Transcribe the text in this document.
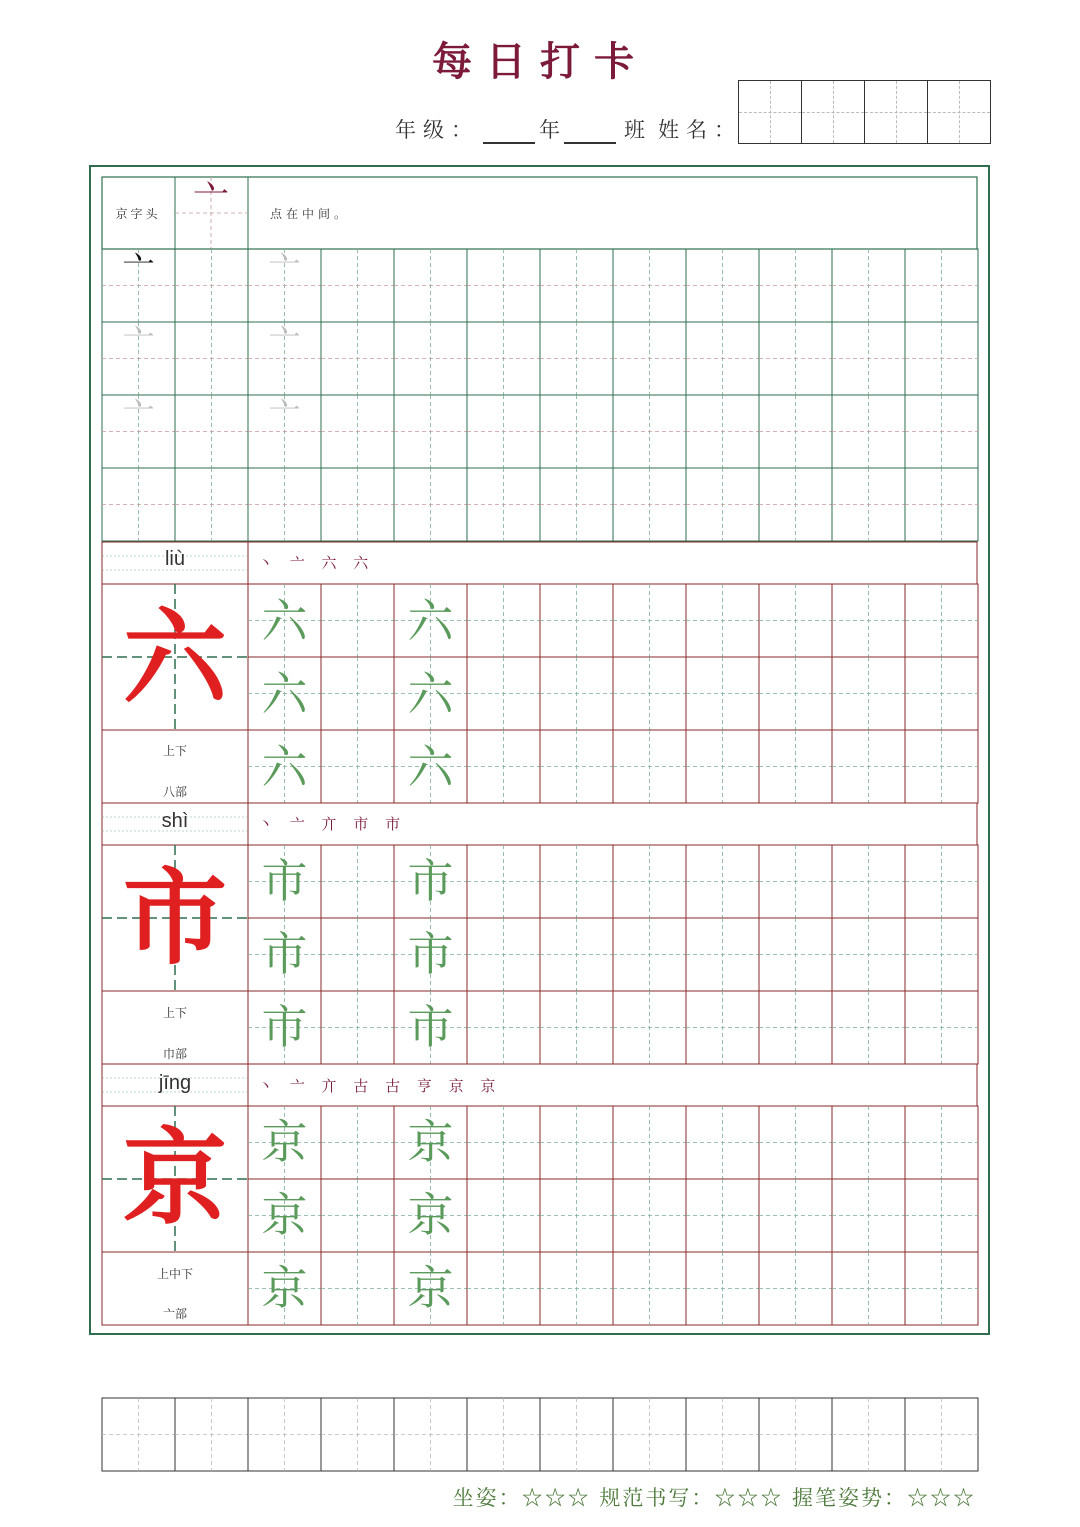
每日打卡
年级：	年	班 姓名：
京字头 亠	点在中间。
亠	亠
亠	亠
亠	亠
liù	丶 亠 六 六
六
上下
八部
六 六
六 六
六 六
shì	丶 亠 亣 市 市
市
上下
巾部
市 市
市 市
市 市
jīng	丶 亠 亣 古 古 亨 京 京
京
上中下
亠部
京 京
京 京
京 京
坐姿：☆☆☆ 规范书写：☆☆☆ 握笔姿势：☆☆☆
